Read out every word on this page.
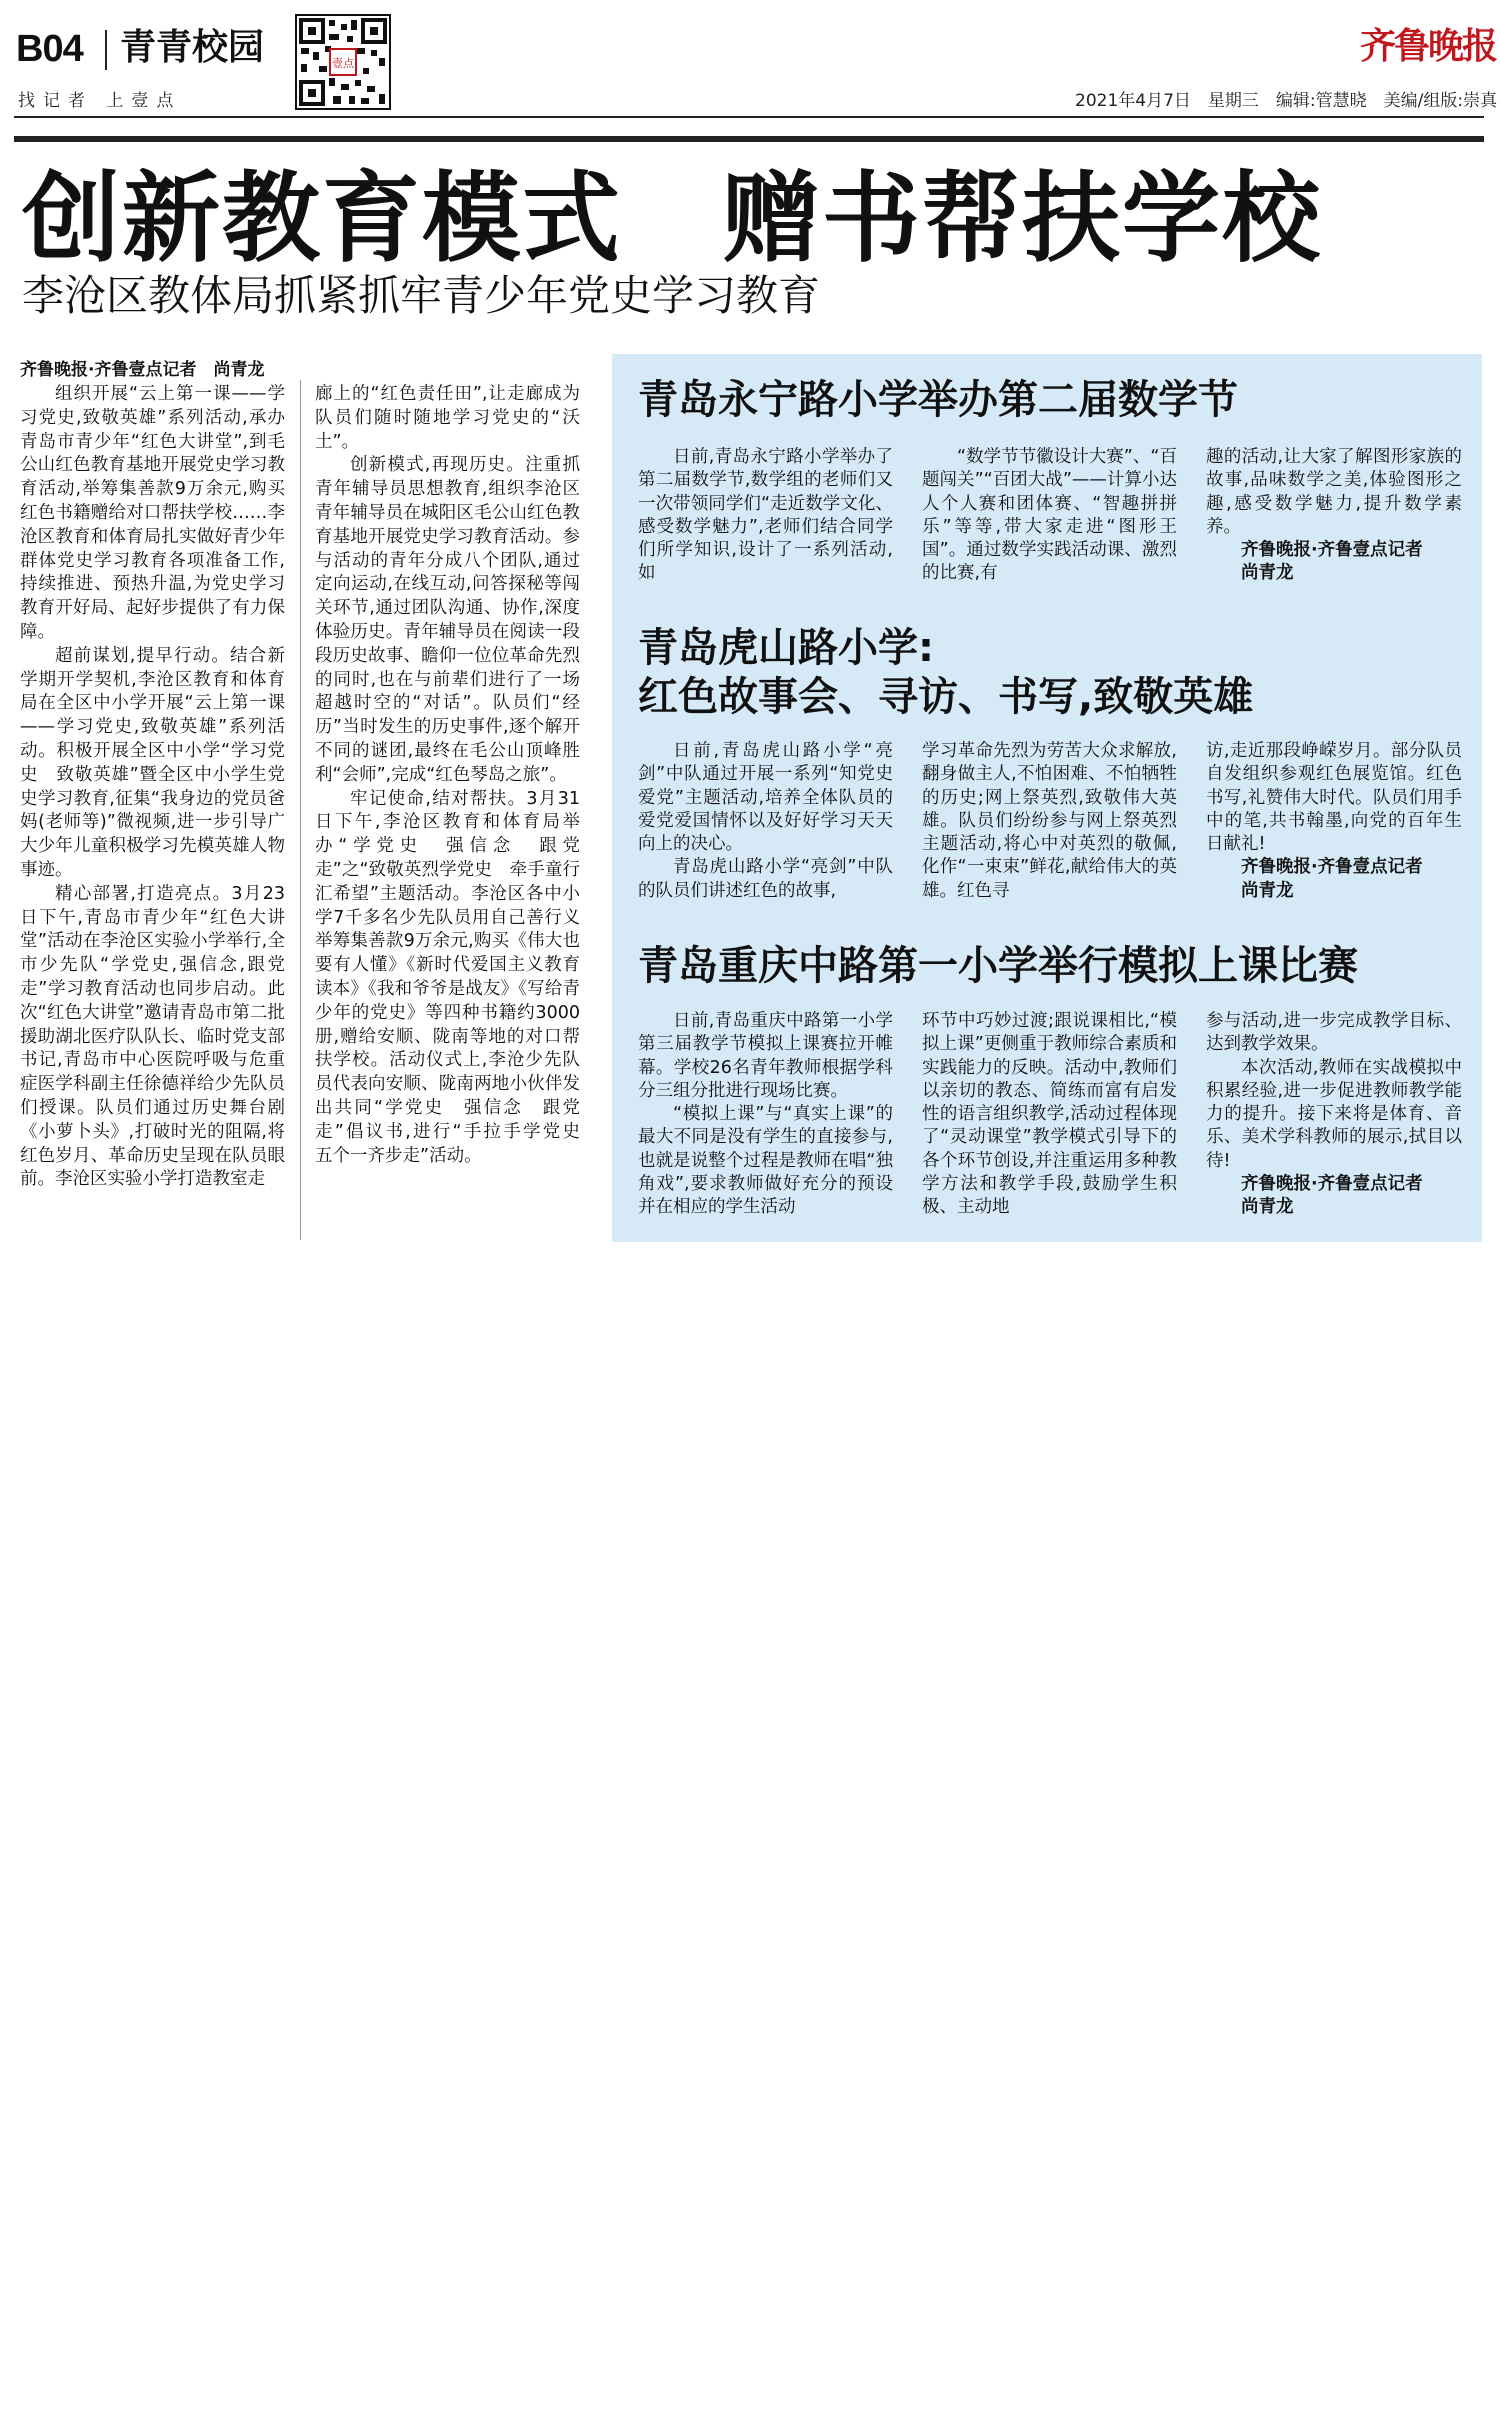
B04 青青校园	壹点	齐鲁晚报
找记者 上壹点	2021年4月7日　星期三　编辑:管慧晓　美编/组版:崇真
创新教育模式　赠书帮扶学校
李沧区教体局抓紧抓牢青少年党史学习教育
齐鲁晚报·齐鲁壹点记者　尚青龙

组织开展“云上第一课——学习党史,致敬英雄”系列活动,承办青岛市青少年“红色大讲堂”,到毛公山红色教育基地开展党史学习教育活动,举筹集善款9万余元,购买红色书籍赠给对口帮扶学校……李沧区教育和体育局扎实做好青少年群体党史学习教育各项准备工作,持续推进、预热升温,为党史学习教育开好局、起好步提供了有力保障。

超前谋划,提早行动。结合新学期开学契机,李沧区教育和体育局在全区中小学开展“云上第一课——学习党史,致敬英雄”系列活动。积极开展全区中小学“学习党史　致敬英雄”暨全区中小学生党史学习教育,征集“我身边的党员爸妈(老师等)”微视频,进一步引导广大少年儿童积极学习先模英雄人物事迹。

精心部署,打造亮点。3月23日下午,青岛市青少年“红色大讲堂”活动在李沧区实验小学举行,全市少先队“学党史,强信念,跟党走”学习教育活动也同步启动。此次“红色大讲堂”邀请青岛市第二批援助湖北医疗队队长、临时党支部书记,青岛市中心医院呼吸与危重症医学科副主任徐德祥给少先队员们授课。队员们通过历史舞台剧《小萝卜头》,打破时光的阻隔,将红色岁月、革命历史呈现在队员眼前。李沧区实验小学打造教室走

廊上的“红色责任田”,让走廊成为队员们随时随地学习党史的“沃土”。

创新模式,再现历史。注重抓青年辅导员思想教育,组织李沧区青年辅导员在城阳区毛公山红色教育基地开展党史学习教育活动。参与活动的青年分成八个团队,通过定向运动,在线互动,问答探秘等闯关环节,通过团队沟通、协作,深度体验历史。青年辅导员在阅读一段段历史故事、瞻仰一位位革命先烈的同时,也在与前辈们进行了一场超越时空的“对话”。队员们“经历”当时发生的历史事件,逐个解开不同的谜团,最终在毛公山顶峰胜利“会师”,完成“红色琴岛之旅”。

牢记使命,结对帮扶。3月31日下午,李沧区教育和体育局举办“学党史　强信念　跟党走”之“致敬英烈学党史　牵手童行汇希望”主题活动。李沧区各中小学7千多名少先队员用自己善行义举筹集善款9万余元,购买《伟大也要有人懂》《新时代爱国主义教育读本》《我和爷爷是战友》《写给青少年的党史》等四种书籍约3000册,赠给安顺、陇南等地的对口帮扶学校。活动仪式上,李沧少先队员代表向安顺、陇南两地小伙伴发出共同“学党史　强信念　跟党走”倡议书,进行“手拉手学党史　五个一齐步走”活动。

青岛永宁路小学举办第二届数学节

日前,青岛永宁路小学举办了第二届数学节,数学组的老师们又一次带领同学们“走近数学文化、感受数学魅力”,老师们结合同学们所学知识,设计了一系列活动,如

“数学节节徽设计大赛”、“百题闯关”“百团大战”——计算小达人个人赛和团体赛、“智趣拼拼乐”等等,带大家走进“图形王国”。通过数学实践活动课、激烈的比赛,有

趣的活动,让大家了解图形家族的故事,品味数学之美,体验图形之趣,感受数学魅力,提升数学素养。

齐鲁晚报·齐鲁壹点记者

尚青龙

青岛虎山路小学:
红色故事会、寻访、书写,致敬英雄

日前,青岛虎山路小学“亮剑”中队通过开展一系列“知党史爱党”主题活动,培养全体队员的爱党爱国情怀以及好好学习天天向上的决心。

青岛虎山路小学“亮剑”中队的队员们讲述红色的故事,

学习革命先烈为劳苦大众求解放,翻身做主人,不怕困难、不怕牺牲的历史;网上祭英烈,致敬伟大英雄。队员们纷纷参与网上祭英烈主题活动,将心中对英烈的敬佩,化作“一束束”鲜花,献给伟大的英雄。红色寻

访,走近那段峥嵘岁月。部分队员自发组织参观红色展览馆。红色书写,礼赞伟大时代。队员们用手中的笔,共书翰墨,向党的百年生日献礼!

齐鲁晚报·齐鲁壹点记者

尚青龙

青岛重庆中路第一小学举行模拟上课比赛

日前,青岛重庆中路第一小学第三届教学节模拟上课赛拉开帷幕。学校26名青年教师根据学科分三组分批进行现场比赛。

“模拟上课”与“真实上课”的最大不同是没有学生的直接参与,也就是说整个过程是教师在唱“独角戏”,要求教师做好充分的预设并在相应的学生活动

环节中巧妙过渡;跟说课相比,“模拟上课”更侧重于教师综合素质和实践能力的反映。活动中,教师们以亲切的教态、简练而富有启发性的语言组织教学,活动过程体现了“灵动课堂”教学模式引导下的各个环节创设,并注重运用多种教学方法和教学手段,鼓励学生积极、主动地

参与活动,进一步完成教学目标、达到教学效果。

本次活动,教师在实战模拟中积累经验,进一步促进教师教学能力的提升。接下来将是体育、音乐、美术学科教师的展示,拭目以待!

齐鲁晚报·齐鲁壹点记者

尚青龙
